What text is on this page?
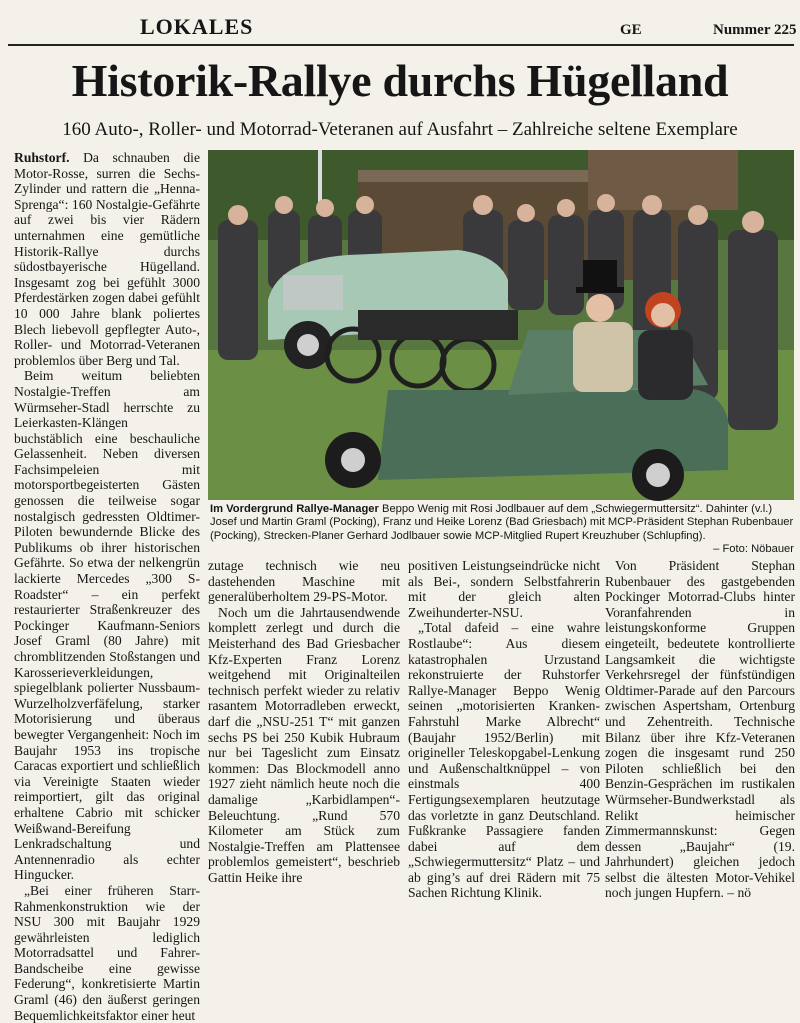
LOKALES	GE	Nummer 225
Historik-Rallye durchs Hügelland
160 Auto-, Roller- und Motorrad-Veteranen auf Ausfahrt – Zahlreiche seltene Exemplare

Ruhstorf. Da schnauben die Motor-Rosse, surren die Sechs-Zylinder und rattern die „Henna-Sprenga“: 160 Nostalgie-Gefährte auf zwei bis vier Rädern unternahmen eine gemütliche Historik-Rallye durchs südostbayerische Hügelland. Insgesamt zog bei gefühlt 3000 Pferdestärken zogen dabei gefühlt 10 000 Jahre blank poliertes Blech liebevoll gepflegter Auto-, Roller- und Motorrad-Veteranen problemlos über Berg und Tal.

Beim weitum beliebten Nostalgie-Treffen am Würmseher-Stadl herrschte zu Leierkasten-Klängen buchstäblich eine beschauliche Gelassenheit. Neben diversen Fachsimpeleien mit motorsportbegeisterten Gästen genossen die teilweise sogar nostalgisch gedressten Oldtimer-Piloten bewundernde Blicke des Publikums ob ihrer historischen Gefährte. So etwa der nelkengrün lackierte Mercedes „300 S-Roadster“ – ein perfekt restaurierter Straßenkreuzer des Pockinger Kaufmann-Seniors Josef Graml (80 Jahre) mit chromblitzenden Stoßstangen und Karosserieverkleidungen, spiegelblank polierter Nussbaum-Wurzelholzverfäfelung, starker Motorisierung und überaus bewegter Vergangenheit: Noch im Baujahr 1953 ins tropische Caracas exportiert und schließlich via Vereinigte Staaten wieder reimportiert, gilt das original erhaltene Cabrio mit schicker Weißwand-Bereifung Lenkradschaltung und Antennenradio als echter Hingucker.

„Bei einer früheren Starr-Rahmenkonstruktion wie der NSU 300 mit Baujahr 1929 gewährleisten lediglich Motorradsattel und Fahrer-Bandscheibe eine gewisse Federung“, konkretisierte Martin Graml (46) den äußerst geringen Bequemlichkeitsfaktor einer heut

Im Vordergrund Rallye-Manager Beppo Wenig mit Rosi Jodlbauer auf dem „Schwiegermuttersitz“. Dahinter (v.l.) Josef und Martin Graml (Pocking), Franz und Heike Lorenz (Bad Griesbach) mit MCP-Präsident Stephan Rubenbauer (Pocking), Strecken-Planer Gerhard Jodlbauer sowie MCP-Mitglied Rupert Kreuzhuber (Schlupfing).
– Foto: Nöbauer

zutage technisch wie neu dastehenden Maschine mit generalüberholtem 29-PS-Motor.

Noch um die Jahrtausendwende komplett zerlegt und durch die Meisterhand des Bad Griesbacher Kfz-Experten Franz Lorenz weitgehend mit Originalteilen technisch perfekt wieder zu relativ rasantem Motorradleben erweckt, darf die „NSU-251 T“ mit ganzen sechs PS bei 250 Kubik Hubraum nur bei Tageslicht zum Einsatz kommen: Das Blockmodell anno 1927 zieht nämlich heute noch die damalige „Karbidlampen“-Beleuchtung. „Rund 570 Kilometer am Stück zum Nostalgie-Treffen am Plattensee problemlos gemeistert“, beschrieb Gattin Heike ihre

positiven Leistungseindrücke nicht als Bei-, sondern Selbstfahrerin mit der gleich alten Zweihunderter-NSU.

„Total dafeid – eine wahre Rostlaube“: Aus diesem katastrophalen Urzustand rekonstruierte der Ruhstorfer Rallye-Manager Beppo Wenig seinen „motorisierten Kranken-Fahrstuhl Marke Albrecht“ (Baujahr 1952/Berlin) mit origineller Teleskopgabel-Lenkung und Außenschaltknüppel – von einstmals 400 Fertigungsexemplaren heutzutage das vorletzte in ganz Deutschland. Fußkranke Passagiere fanden dabei auf dem „Schwiegermuttersitz“ Platz – und ab ging’s auf drei Rädern mit 75 Sachen Richtung Klinik.

Von Präsident Stephan Rubenbauer des gastgebenden Pockinger Motorrad-Clubs hinter Voranfahrenden in leistungskonforme Gruppen eingeteilt, bedeutete kontrollierte Langsamkeit die wichtigste Verkehrsregel der fünfstündigen Oldtimer-Parade auf den Parcours zwischen Aspertsham, Ortenburg und Zehentreith. Technische Bilanz über ihre Kfz-Veteranen zogen die insgesamt rund 250 Piloten schließlich bei den Benzin-Gesprächen im rustikalen Würmseher-Bundwerkstadl als Relikt heimischer Zimmermannskunst: Gegen dessen „Baujahr“ (19. Jahrhundert) gleichen jedoch selbst die ältesten Motor-Vehikel noch jungen Hupfern. – nö
